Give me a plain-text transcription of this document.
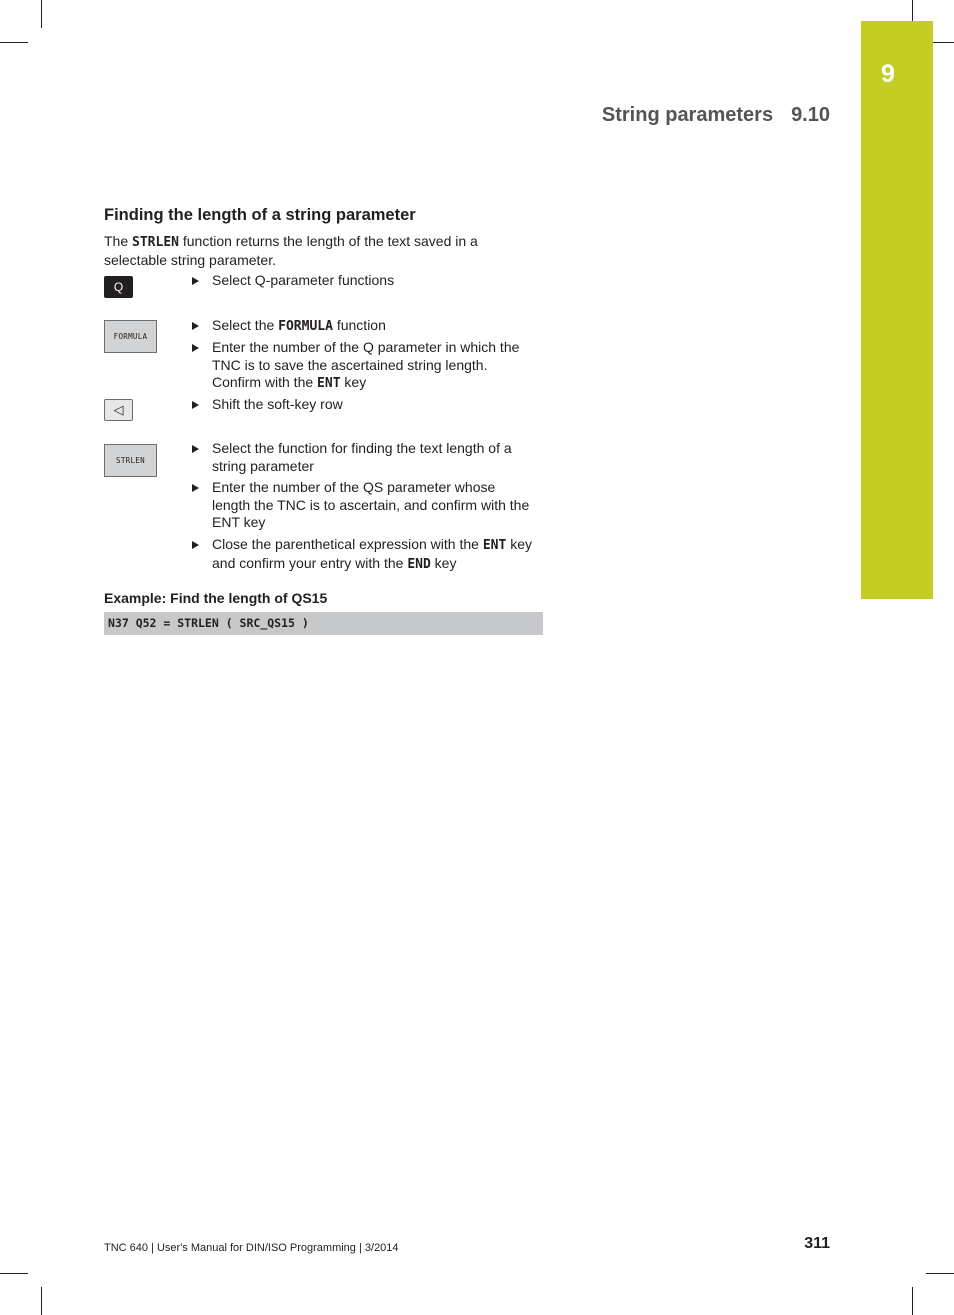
9
String parameters 9.10
Finding the length of a string parameter
The STRLEN function returns the length of the text saved in a selectable string parameter.
Q
FORMULA
◁
STRLEN
Select Q-parameter functions
Select the FORMULA function
Enter the number of the Q parameter in which the TNC is to save the ascertained string length. Confirm with the ENT key
Shift the soft-key row
Select the function for finding the text length of a string parameter
Enter the number of the QS parameter whose length the TNC is to ascertain, and confirm with the ENT key
Close the parenthetical expression with the ENT key and confirm your entry with the END key
Example: Find the length of QS15
N37 Q52 = STRLEN ( SRC_QS15 )
TNC 640 | User's Manual for DIN/ISO Programming | 3/2014	311
